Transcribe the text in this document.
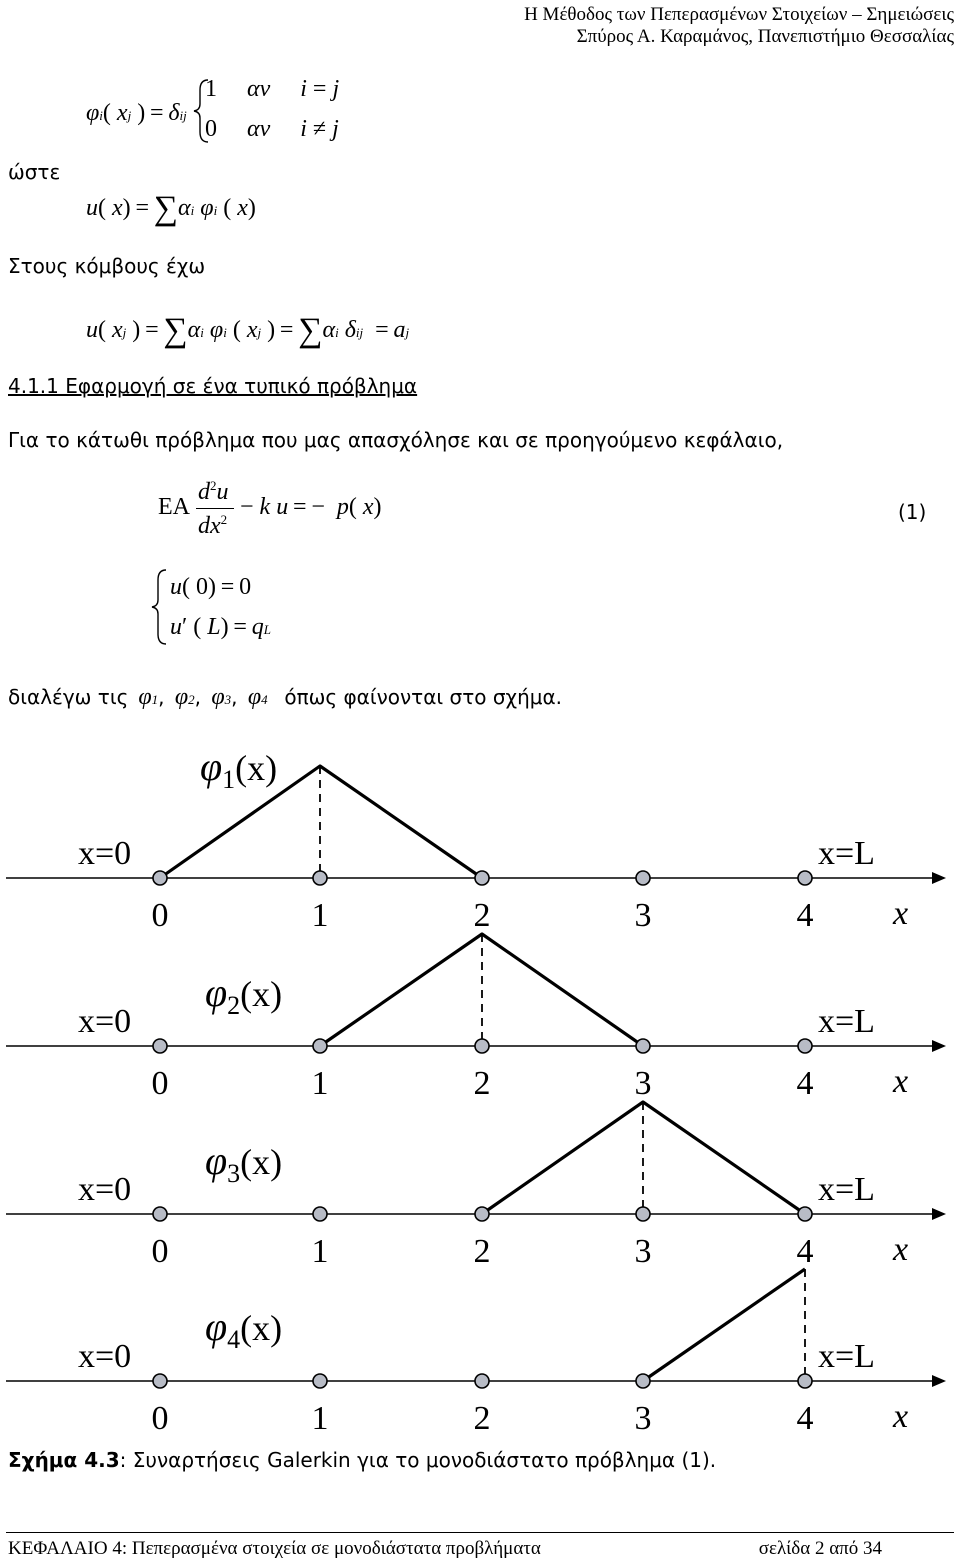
Η Μέθοδος των Πεπερασμένων Στοιχείων – Σημειώσεις
Σπύρος Α. Καραμάνος, Πανεπιστήμιο Θεσσαλίας
φi( xj ) = δij
1     αν i = j
0     αν i ≠ j
ώστε
u( x) = ∑αi φi ( x)
Στους κόμβους έχω
u( xj ) = ∑αi φi ( xj ) = ∑αi δij  = aj
4.1.1 Εφαρμογή σε ένα τυπικό πρόβλημα
Για το κάτωθι πρόβλημα που μας απασχόλησε και σε προηγούμενο κεφάλαιο,
EA
$d^2u$
$dx^2 - k$ u = −  p( x)	(1)
u( 0) = 0
u′ ( L) = qL
διαλέγω τις  φ1,  φ2,  φ3,  φ4 όπως φαίνονται στο σχήμα.
0	1	2	3	4
x=0	x=L
x
$\varphi_1(x)$
0	1	2	3	4
x=0	x=L
x
$\varphi_2(x)$
0	1	2	3	4
x=0	x=L
x
$\varphi_3(x)$
0	1	2	3	4
x=0	x=L
x
$\varphi_4(x)$
Σχήμα 4.3: Συναρτήσεις Galerkin για το μονοδιάστατο πρόβλημα (1).
ΚΕΦΑΛΑΙΟ 4: Πεπερασμένα στοιχεία σε μονοδιάστατα προβλήματα	σελίδα 2 από 34
